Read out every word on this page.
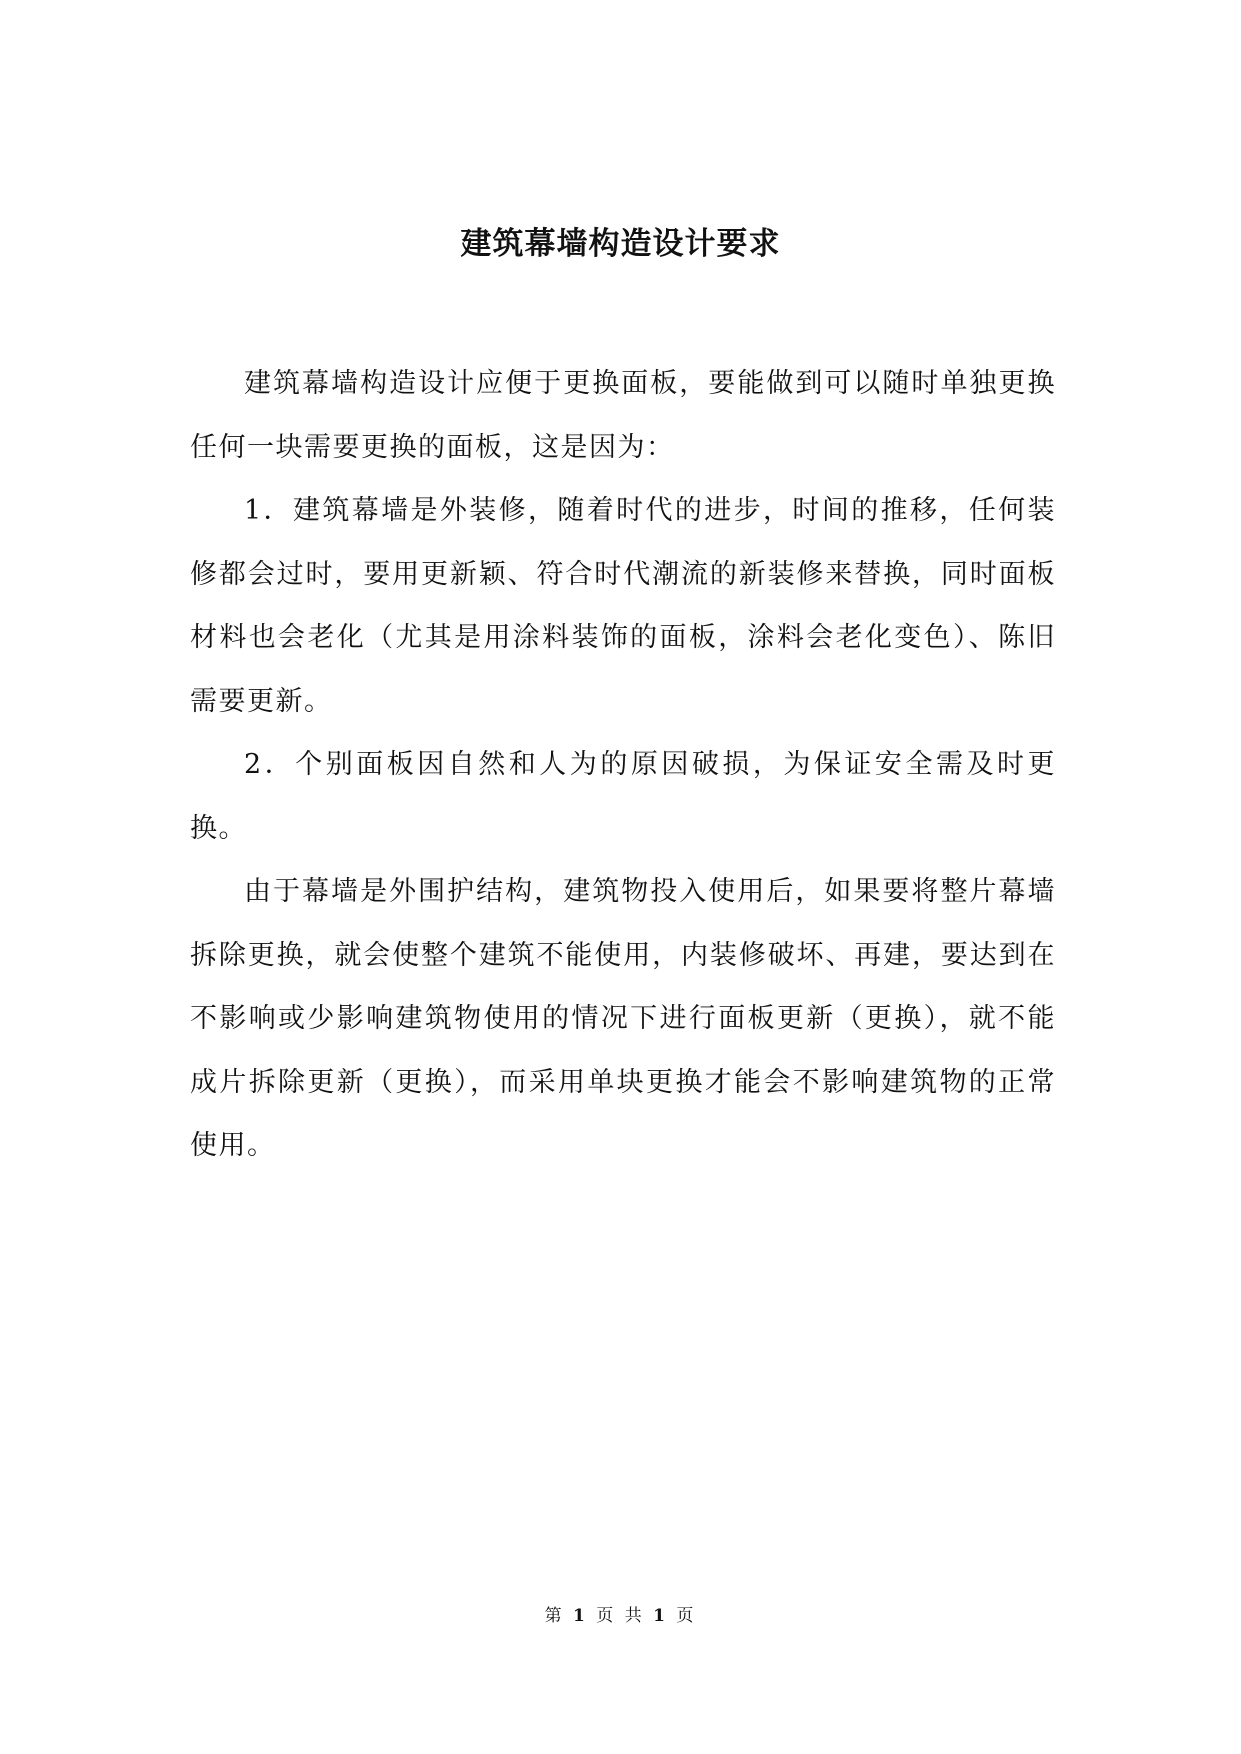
建筑幕墙构造设计要求

建筑幕墙构造设计应便于更换面板，要能做到可以随时单独更换任何一块需要更换的面板，这是因为：

1．建筑幕墙是外装修，随着时代的进步，时间的推移，任何装修都会过时，要用更新颖、符合时代潮流的新装修来替换，同时面板材料也会老化（尤其是用涂料装饰的面板，涂料会老化变色）、陈旧需要更新。

2．个别面板因自然和人为的原因破损，为保证安全需及时更换。

由于幕墙是外围护结构，建筑物投入使用后，如果要将整片幕墙拆除更换，就会使整个建筑不能使用，内装修破坏、再建，要达到在不影响或少影响建筑物使用的情况下进行面板更新（更换），就不能成片拆除更新（更换），而采用单块更换才能会不影响建筑物的正常使用。

第 1 页 共 1 页
